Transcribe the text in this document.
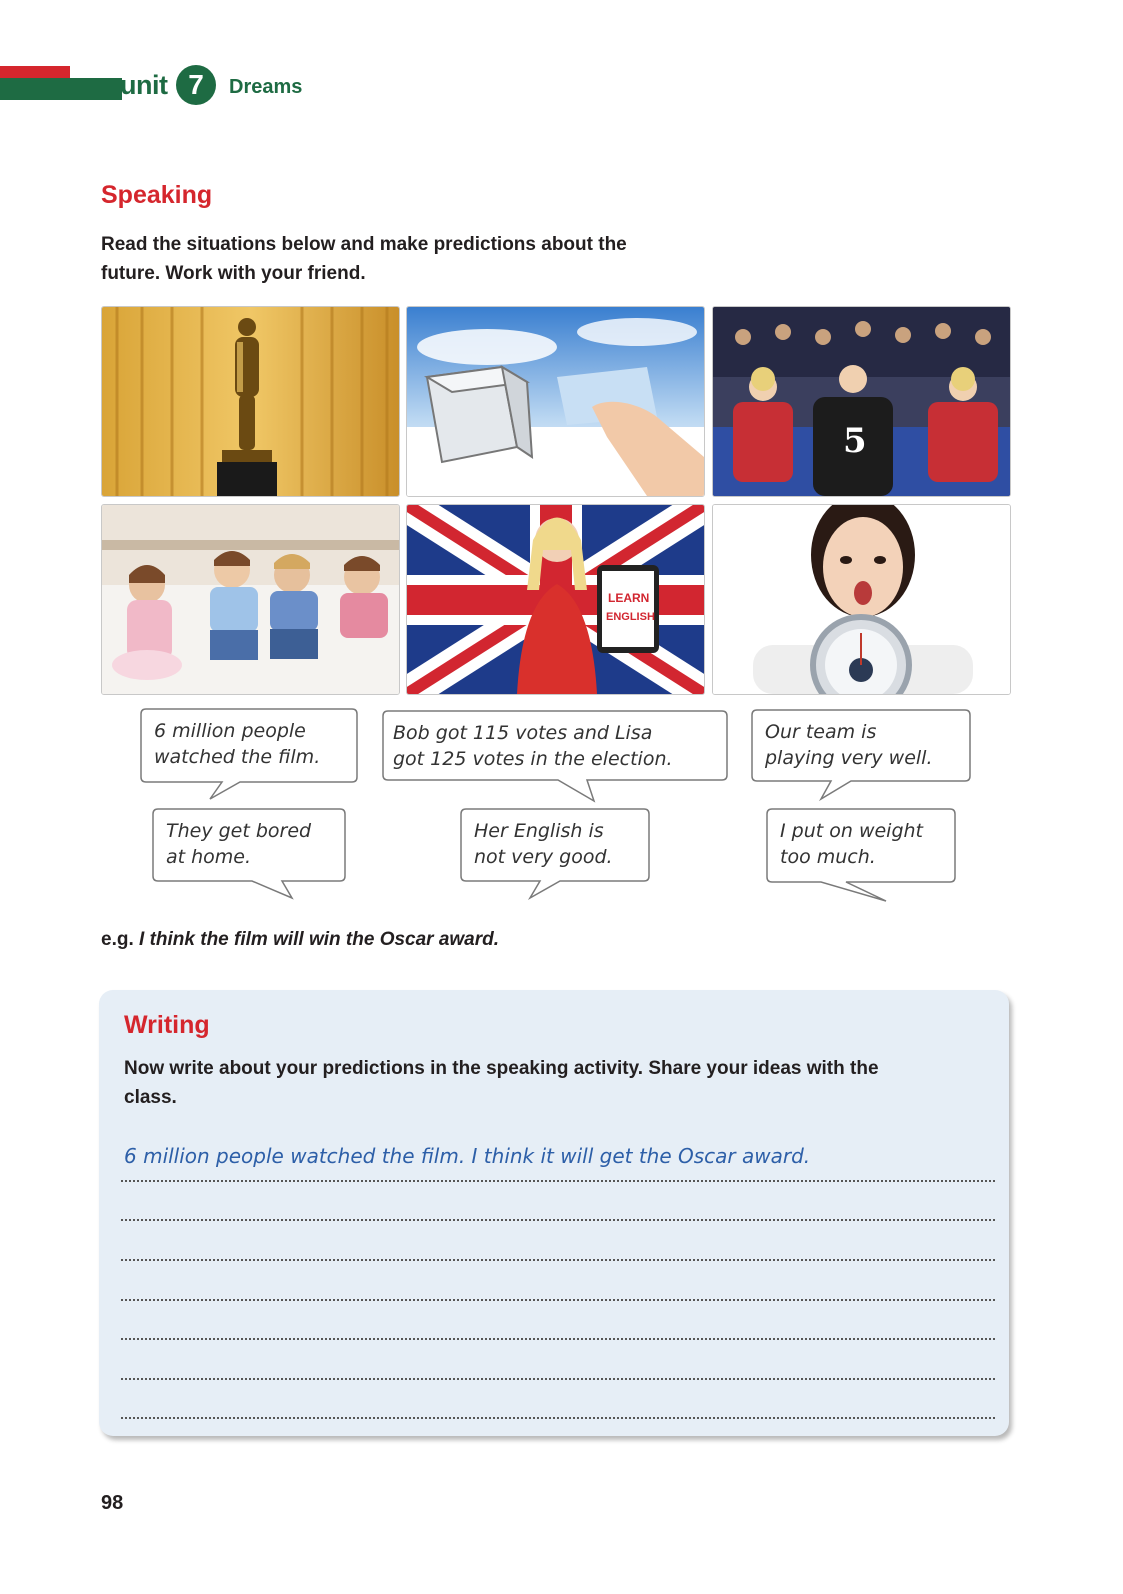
unit 7	Dreams
Speaking
Read the situations below and make predictions about the future. Work with your friend.
5
LEARN
ENGLISH
6 million people
watched the film.
Bob got 115 votes and Lisa
got 125 votes in the election.
Our team is
playing very well.
They get bored
at home.
Her English is
not very good.
I put on weight
too much.
e.g. I think the film will win the Oscar award.
Writing
Now write about your predictions in the speaking activity. Share your ideas with the class.
6 million people watched the film. I think it will get the Oscar award.
98
